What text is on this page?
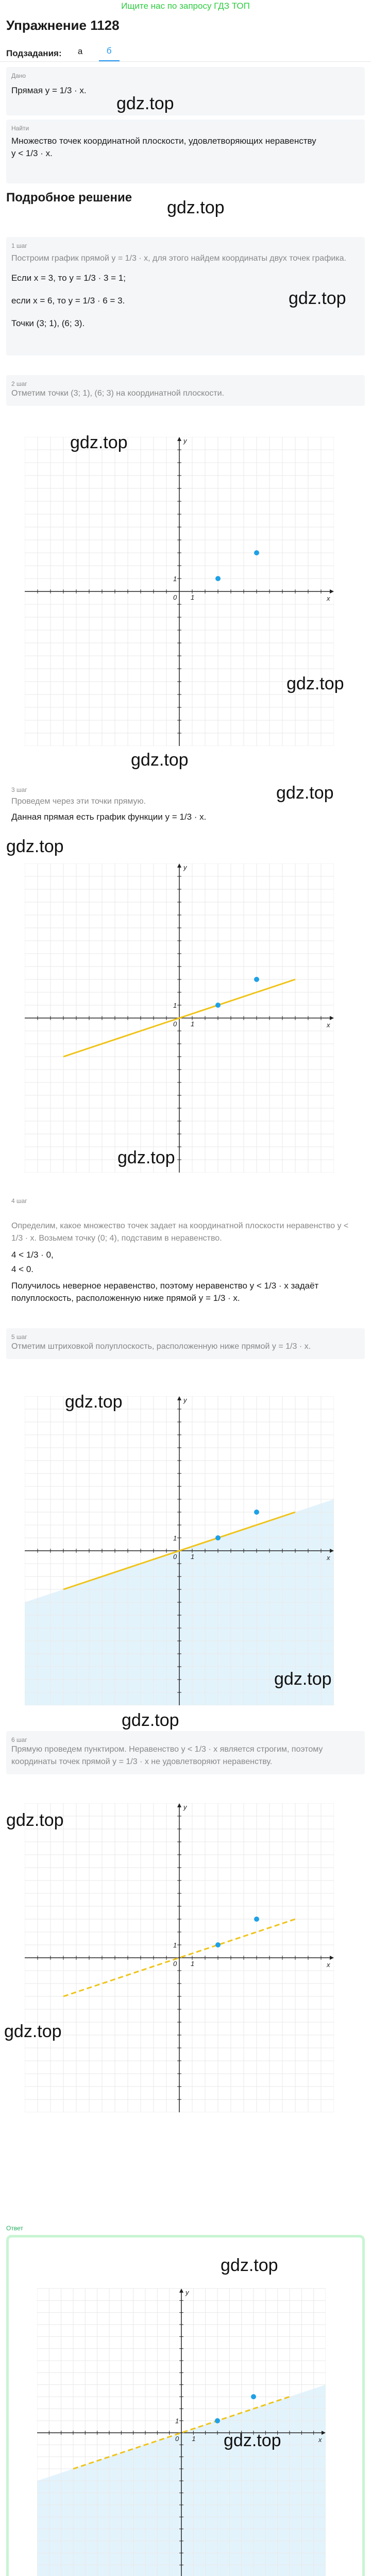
Ищите нас по запросу ГДЗ ТОП
Упражнение 1128
Подзадания:	a	б
Дано
Прямая y = 1/3 · x.
gdz.top
Найти
Множество точек координатной плоскости, удовлетворяющих неравенству
y < 1/3 · x.
Подробное решение
gdz.top
1 шаг
Построим график прямой y = 1/3 · x, для этого найдем координаты двух точек графика.
Если x = 3, то y = 1/3 · 3 = 1;
если x = 6, то y = 1/3 · 6 = 3.
Точки (3; 1), (6; 3).
gdz.top
2 шаг
Отметим точки (3; 1), (6; 3) на координатной плоскости.
x
y
0 1
1
gdz.top
gdz.top
gdz.top
gdz.top
3 шаг
Проведем через эти точки прямую.
Данная прямая есть график функции y = 1/3 · x.
gdz.top
x
y
0 1
1
gdz.top
4 шаг
Определим, какое множество точек задает на координатной плоскости неравенство y < 1/3 · x. Возьмем точку (0; 4), подставим в неравенство.
4 < 1/3 · 0,
4 < 0.
Получилось неверное неравенство, поэтому неравенство y < 1/3 · x задаёт полуплоскость, расположенную ниже прямой y = 1/3 · x.
5 шаг
Отметим штриховкой полуплоскость, расположенную ниже прямой y = 1/3 · x.
x
y
0 1
1
gdz.top
gdz.top
gdz.top
6 шаг
Прямую проведем пунктиром. Неравенство y < 1/3 · x является строгим, поэтому координаты точек прямой y = 1/3 · x не удовлетворяют неравенству.
x
y
0 1
1
gdz.top
gdz.top
Ответ
x
y
0 1
1
gdz.top
gdz.top
